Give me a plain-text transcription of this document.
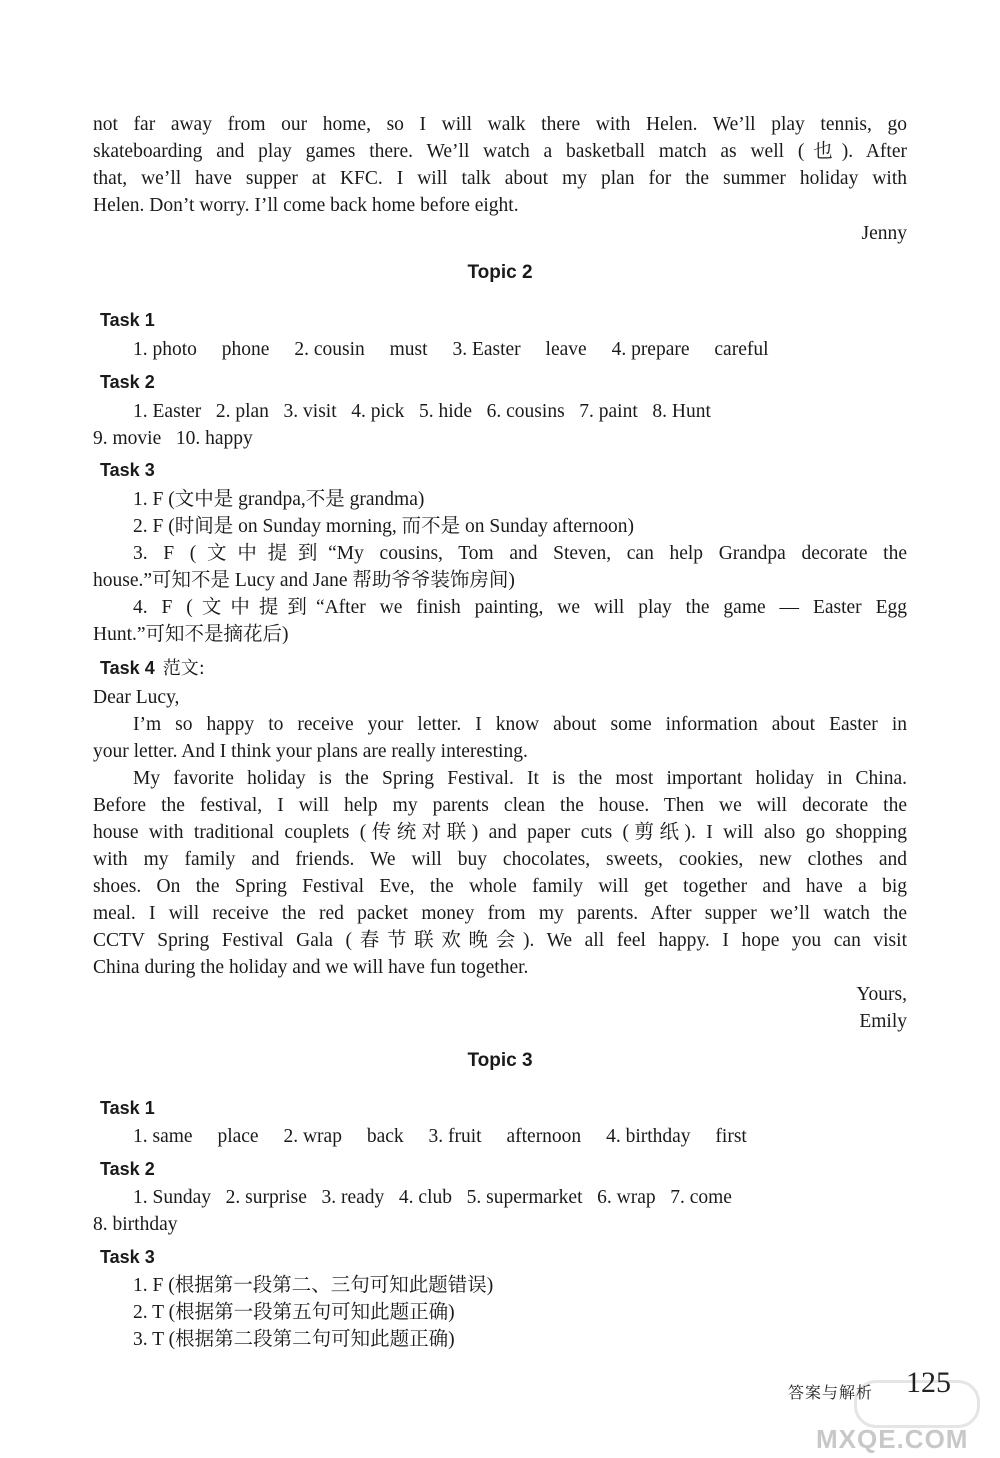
not far away from our home, so I will walk there with Helen. We’ll play tennis, go
skateboarding and play games there. We’ll watch a basketball match as well (也). After
that, we’ll have supper at KFC. I will talk about my plan for the summer holiday with
Helen. Don’t worry. I’ll come back home before eight.
Jenny
Topic 2
Task 1
1. photo phone 2. cousin must 3. Easter leave 4. prepare careful
Task 2
1. Easter   2. plan   3. visit   4. pick   5. hide   6. cousins   7. paint   8. Hunt
9. movie   10. happy
Task 3
1. F (文中是 grandpa,不是 grandma)
2. F (时间是 on Sunday morning, 而不是 on Sunday afternoon)
3. F (文中提到“My cousins, Tom and Steven, can help Grandpa decorate the
house.”可知不是 Lucy and Jane 帮助爷爷装饰房间)
4. F (文中提到“After we finish painting, we will play the game — Easter Egg
Hunt.”可知不是摘花后)
Task 4 范文:
Dear Lucy,
I’m so happy to receive your letter. I know about some information about Easter in
your letter. And I think your plans are really interesting.
My favorite holiday is the Spring Festival. It is the most important holiday in China.
Before the festival, I will help my parents clean the house. Then we will decorate the
house with traditional couplets (传统对联) and paper cuts (剪纸). I will also go shopping
with my family and friends. We will buy chocolates, sweets, cookies, new clothes and
shoes. On the Spring Festival Eve, the whole family will get together and have a big
meal. I will receive the red packet money from my parents. After supper we’ll watch the
CCTV Spring Festival Gala (春节联欢晚会). We all feel happy. I hope you can visit
China during the holiday and we will have fun together.
Yours,
Emily
Topic 3
Task 1
1. same place 2. wrap back 3. fruit afternoon 4. birthday first
Task 2
1. Sunday   2. surprise   3. ready   4. club   5. supermarket   6. wrap   7. come
8. birthday
Task 3
1. F (根据第一段第二、三句可知此题错误)
2. T (根据第一段第五句可知此题正确)
3. T (根据第二段第二句可知此题正确)
答案与解析 125
MXQE.COM
